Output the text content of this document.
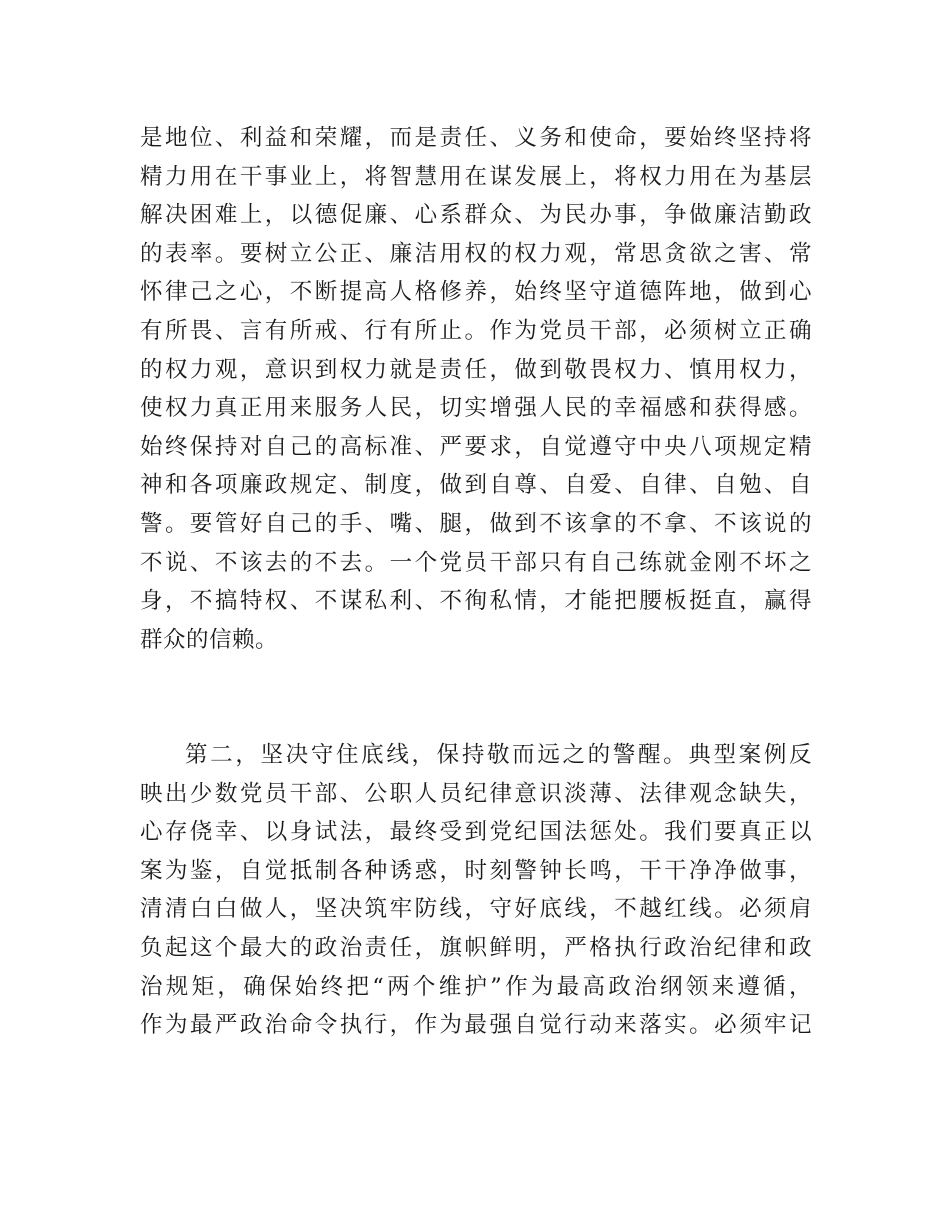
是地位、利益和荣耀，而是责任、义务和使命，要始终坚持将
精力用在干事业上，将智慧用在谋发展上，将权力用在为基层
解决困难上，以德促廉、心系群众、为民办事，争做廉洁勤政
的表率。要树立公正、廉洁用权的权力观，常思贪欲之害、常
怀律己之心，不断提高人格修养，始终坚守道德阵地，做到心
有所畏、言有所戒、行有所止。作为党员干部，必须树立正确
的权力观，意识到权力就是责任，做到敬畏权力、慎用权力，
使权力真正用来服务人民，切实增强人民的幸福感和获得感。
始终保持对自己的高标准、严要求，自觉遵守中央八项规定精
神和各项廉政规定、制度，做到自尊、自爱、自律、自勉、自
警。要管好自己的手、嘴、腿，做到不该拿的不拿、不该说的
不说、不该去的不去。一个党员干部只有自己练就金刚不坏之
身，不搞特权、不谋私利、不徇私情，才能把腰板挺直，赢得
群众的信赖。
第二，坚决守住底线，保持敬而远之的警醒。典型案例反
映出少数党员干部、公职人员纪律意识淡薄、法律观念缺失，
心存侥幸、以身试法，最终受到党纪国法惩处。我们要真正以
案为鉴，自觉抵制各种诱惑，时刻警钟长鸣，干干净净做事，
清清白白做人，坚决筑牢防线，守好底线，不越红线。必须肩
负起这个最大的政治责任，旗帜鲜明，严格执行政治纪律和政
治规矩，确保始终把“两个维护”作为最高政治纲领来遵循，
作为最严政治命令执行，作为最强自觉行动来落实。必须牢记
